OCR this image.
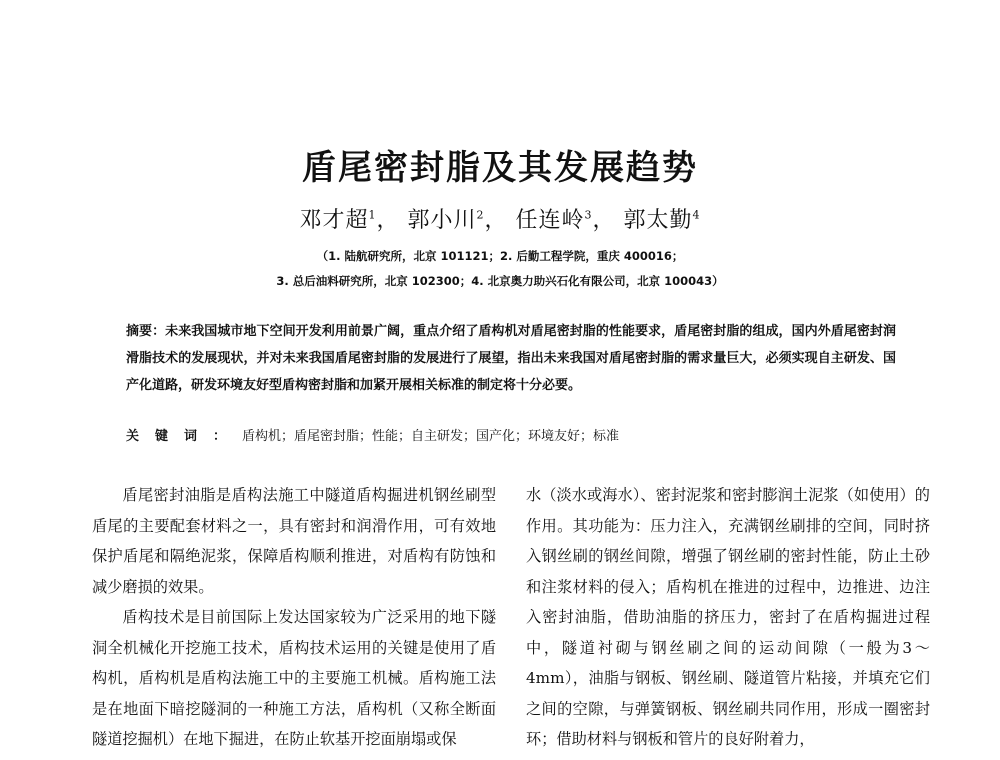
盾尾密封脂及其发展趋势
邓才超$^1$， 郭小川$^2$， 任连岭$^3$， 郭太勤$^4$
（1. 陆航研究所，北京 101121；2. 后勤工程学院，重庆 400016；
3. 总后油料研究所，北京 102300；4. 北京奥力助兴石化有限公司，北京 100043）
摘要：未来我国城市地下空间开发利用前景广阔，重点介绍了盾构机对盾尾密封脂的性能要求，盾尾密封脂的组成，国内外盾尾密封润滑脂技术的发展现状，并对未来我国盾尾密封脂的发展进行了展望，指出未来我国对盾尾密封脂的需求量巨大，必须实现自主研发、国产化道路，研发环境友好型盾构密封脂和加紧开展相关标准的制定将十分必要。
关键词：盾构机；盾尾密封脂；性能；自主研发；国产化；环境友好；标准

盾尾密封油脂是盾构法施工中隧道盾构掘进机钢丝刷型盾尾的主要配套材料之一，具有密封和润滑作用，可有效地保护盾尾和隔绝泥浆，保障盾构顺利推进，对盾构有防蚀和减少磨损的效果。

盾构技术是目前国际上发达国家较为广泛采用的地下隧洞全机械化开挖施工技术，盾构技术运用的关键是使用了盾构机，盾构机是盾构法施工中的主要施工机械。盾构施工法是在地面下暗挖隧洞的一种施工方法，盾构机（又称全断面隧道挖掘机）在地下掘进，在防止软基开挖面崩塌或保

水（淡水或海水）、密封泥浆和密封膨润土泥浆（如使用）的作用。其功能为：压力注入，充满钢丝刷排的空间，同时挤入钢丝刷的钢丝间隙，增强了钢丝刷的密封性能，防止土砂和注浆材料的侵入；盾构机在推进的过程中，边推进、边注入密封油脂，借助油脂的挤压力，密封了在盾构掘进过程中，隧道衬砌与钢丝刷之间的运动间隙（一般为3～4mm），油脂与钢板、钢丝刷、隧道管片粘接，并填充它们之间的空隙，与弹簧钢板、钢丝刷共同作用，形成一圈密封环；借助材料与钢板和管片的良好附着力，
